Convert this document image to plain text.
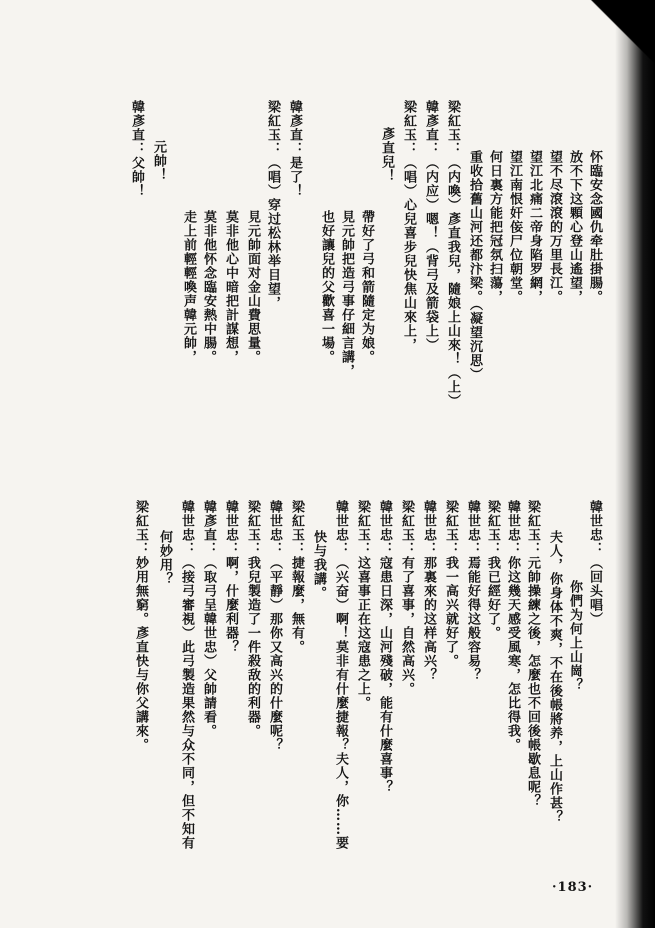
怀臨安念國仇牵肚掛腸。
放不下这顆心登山遙望，
望不尽滾滾的万里長江。
望江北痛二帝身陷罗網，
望江南恨奸侫尸位朝堂。
何日裏方能把冠氛扫蕩，
重收拾舊山河还都汴梁。（凝望沉思）
梁紅玉：（内喚）彥直我兒，隨娘上山來！（上）
韓彥直：（内应）嗯！（背弓及箭袋上）
梁紅玉：（唱）心兒喜步兒快焦山來上，
彥直兒！
帶好了弓和箭隨定为娘。
見元帥把造弓事仔細言講，
也好讓兒的父歡喜一場。
韓彥直：是了！
梁紅玉：（唱）穿过松林举目望，
見元帥面对金山費思量。
莫非他心中暗把計謀想，
莫非他怀念臨安熱中腸。
走上前輕輕喚声韓元帥，
元帥！
韓彥直：父帥！
韓世忠：（回头唱）
你們为何上山崗？
夫人，你身体不爽，不在後帳將养，上山作甚？
梁紅玉：元帥操練之後，怎麼也不回後帳歇息呢？
韓世忠：你这幾天感受風寒，怎比得我。
梁紅玉：我已經好了。
韓世忠：焉能好得这般容易？
梁紅玉：我一高兴就好了。
韓世忠：那裏來的这样高兴？
梁紅玉：有了喜事，自然高兴。
韓世忠：寇患日深，山河殘破，能有什麼喜事？
梁紅玉：这喜事正在这寇患之上。
韓世忠：（兴奋）啊！莫非有什麼捷報？夫人，你……要
快与我講。
梁紅玉：捷報麼，無有。
韓世忠：（平靜）那你又高兴的什麼呢？
梁紅玉：我兒製造了一件殺敌的利器。
韓世忠：啊，什麼利器？
韓彥直：（取弓呈韓世忠）父帥請看。
韓世忠：（接弓審視）此弓製造果然与众不同，但不知有
何妙用？
梁紅玉：妙用無窮。彥直快与你父講來。
·183·
